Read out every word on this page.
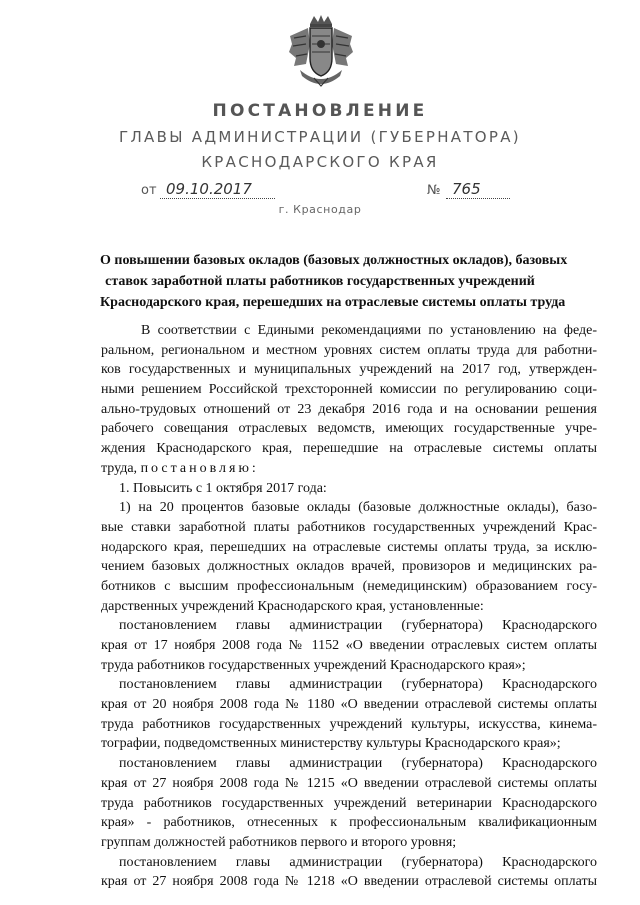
ПОСТАНОВЛЕНИЕ
ГЛАВЫ АДМИНИСТРАЦИИ (ГУБЕРНАТОРА)
КРАСНОДАРСКОГО КРАЯ
от 09.10.2017	№ 765
г. Краснодар
О повышении базовых окладов (базовых должностных окладов), базовых
ставок заработной платы работников государственных учреждений
Краснодарского края, перешедших на отраслевые системы оплаты труда
В соответствии с Едиными рекомендациями по установлению на феде-
ральном, региональном и местном уровнях систем оплаты труда для работни-
ков государственных и муниципальных учреждений на 2017 год, утвержден-
ными решением Российской трехсторонней комиссии по регулированию соци-
ально-трудовых отношений от 23 декабря 2016 года и на основании решения
рабочего совещания отраслевых ведомств, имеющих государственные учре-
ждения Краснодарского края, перешедшие на отраслевые системы оплаты
труда, постановляю:
1. Повысить с 1 октября 2017 года:
1) на 20 процентов базовые оклады (базовые должностные оклады), базо-
вые ставки заработной платы работников государственных учреждений Крас-
нодарского края, перешедших на отраслевые системы оплаты труда, за исклю-
чением базовых должностных окладов врачей, провизоров и медицинских ра-
ботников с высшим профессиональным (немедицинским) образованием госу-
дарственных учреждений Краснодарского края, установленные:
постановлением главы администрации (губернатора) Краснодарского
края от 17 ноября 2008 года № 1152 «О введении отраслевых систем оплаты
труда работников государственных учреждений Краснодарского края»;
постановлением главы администрации (губернатора) Краснодарского
края от 20 ноября 2008 года № 1180 «О введении отраслевой системы оплаты
труда работников государственных учреждений культуры, искусства, кинема-
тографии, подведомственных министерству культуры Краснодарского края»;
постановлением главы администрации (губернатора) Краснодарского
края от 27 ноября 2008 года № 1215 «О введении отраслевой системы оплаты
труда работников государственных учреждений ветеринарии Краснодарского
края» - работников, отнесенных к профессиональным квалификационным
группам должностей работников первого и второго уровня;
постановлением главы администрации (губернатора) Краснодарского
края от 27 ноября 2008 года № 1218 «О введении отраслевой системы оплаты
